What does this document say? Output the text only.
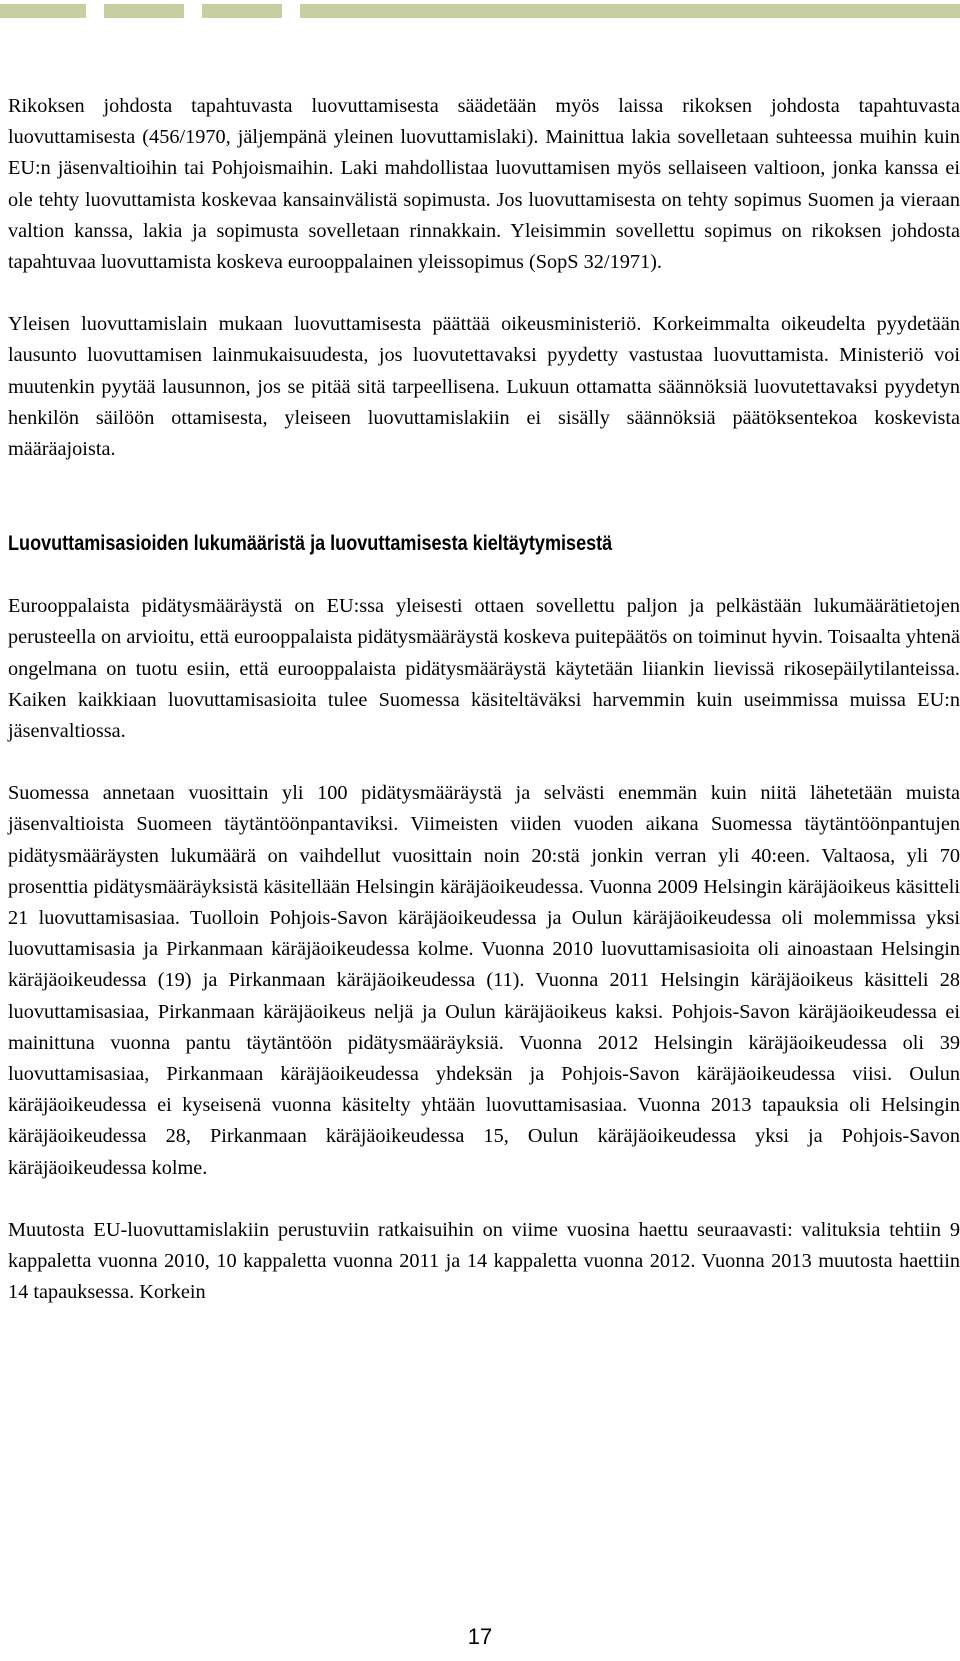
Rikoksen johdosta tapahtuvasta luovuttamisesta säädetään myös laissa rikoksen johdosta tapahtuvasta luovuttamisesta (456/1970, jäljempänä yleinen luovuttamislaki). Mainittua lakia sovelletaan suhteessa muihin kuin EU:n jäsenvaltioihin tai Pohjoismaihin. Laki mahdollistaa luovuttamisen myös sellaiseen valtioon, jonka kanssa ei ole tehty luovuttamista koskevaa kansainvälistä sopimusta. Jos luovuttamisesta on tehty sopimus Suomen ja vieraan valtion kanssa, lakia ja sopimusta sovelletaan rinnakkain. Yleisimmin sovellettu sopimus on rikoksen johdosta tapahtuvaa luovuttamista koskeva eurooppalainen yleissopimus (SopS 32/1971).

Yleisen luovuttamislain mukaan luovuttamisesta päättää oikeusministeriö. Korkeimmalta oikeudelta pyydetään lausunto luovuttamisen lainmukaisuudesta, jos luovutettavaksi pyydetty vastustaa luovuttamista. Ministeriö voi muutenkin pyytää lausunnon, jos se pitää sitä tarpeellisena. Lukuun ottamatta säännöksiä luovutettavaksi pyydetyn henkilön säilöön ottamisesta, yleiseen luovuttamislakiin ei sisälly säännöksiä päätöksentekoa koskevista määräajoista.

Luovuttamisasioiden lukumääristä ja luovuttamisesta kieltäytymisestä

Eurooppalaista pidätysmääräystä on EU:ssa yleisesti ottaen sovellettu paljon ja pelkästään lukumäärätietojen perusteella on arvioitu, että eurooppalaista pidätysmääräystä koskeva puitepäätös on toiminut hyvin. Toisaalta yhtenä ongelmana on tuotu esiin, että eurooppalaista pidätysmääräystä käytetään liiankin lievissä rikosepäilytilanteissa. Kaiken kaikkiaan luovuttamisasioita tulee Suomessa käsiteltäväksi harvemmin kuin useimmissa muissa EU:n jäsenvaltiossa.

Suomessa annetaan vuosittain yli 100 pidätysmääräystä ja selvästi enemmän kuin niitä lähetetään muista jäsenvaltioista Suomeen täytäntöönpantaviksi. Viimeisten viiden vuoden aikana Suomessa täytäntöönpantujen pidätysmääräysten lukumäärä on vaihdellut vuosittain noin 20:stä jonkin verran yli 40:een. Valtaosa, yli 70 prosenttia pidätysmääräyksistä käsitellään Helsingin käräjäoikeudessa. Vuonna 2009 Helsingin käräjäoikeus käsitteli 21 luovuttamisasiaa. Tuolloin Pohjois-Savon käräjäoikeudessa ja Oulun käräjäoikeudessa oli molemmissa yksi luovuttamisasia ja Pirkanmaan käräjäoikeudessa kolme. Vuonna 2010 luovuttamisasioita oli ainoastaan Helsingin käräjäoikeudessa (19) ja Pirkanmaan käräjäoikeudessa (11). Vuonna 2011 Helsingin käräjäoikeus käsitteli 28 luovuttamisasiaa, Pirkanmaan käräjäoikeus neljä ja Oulun käräjäoikeus kaksi. Pohjois-Savon käräjäoikeudessa ei mainittuna vuonna pantu täytäntöön pidätysmääräyksiä. Vuonna 2012 Helsingin käräjäoikeudessa oli 39 luovuttamisasiaa, Pirkanmaan käräjäoikeudessa yhdeksän ja Pohjois-Savon käräjäoikeudessa viisi. Oulun käräjäoikeudessa ei kyseisenä vuonna käsitelty yhtään luovuttamisasiaa. Vuonna 2013 tapauksia oli Helsingin käräjäoikeudessa 28, Pirkanmaan käräjäoikeudessa 15, Oulun käräjäoikeudessa yksi ja Pohjois-Savon käräjäoikeudessa kolme.

Muutosta EU-luovuttamislakiin perustuviin ratkaisuihin on viime vuosina haettu seuraavasti: valituksia tehtiin 9 kappaletta vuonna 2010, 10 kappaletta vuonna 2011 ja 14 kappaletta vuonna 2012. Vuonna 2013 muutosta haettiin 14 tapauksessa. Korkein

17
